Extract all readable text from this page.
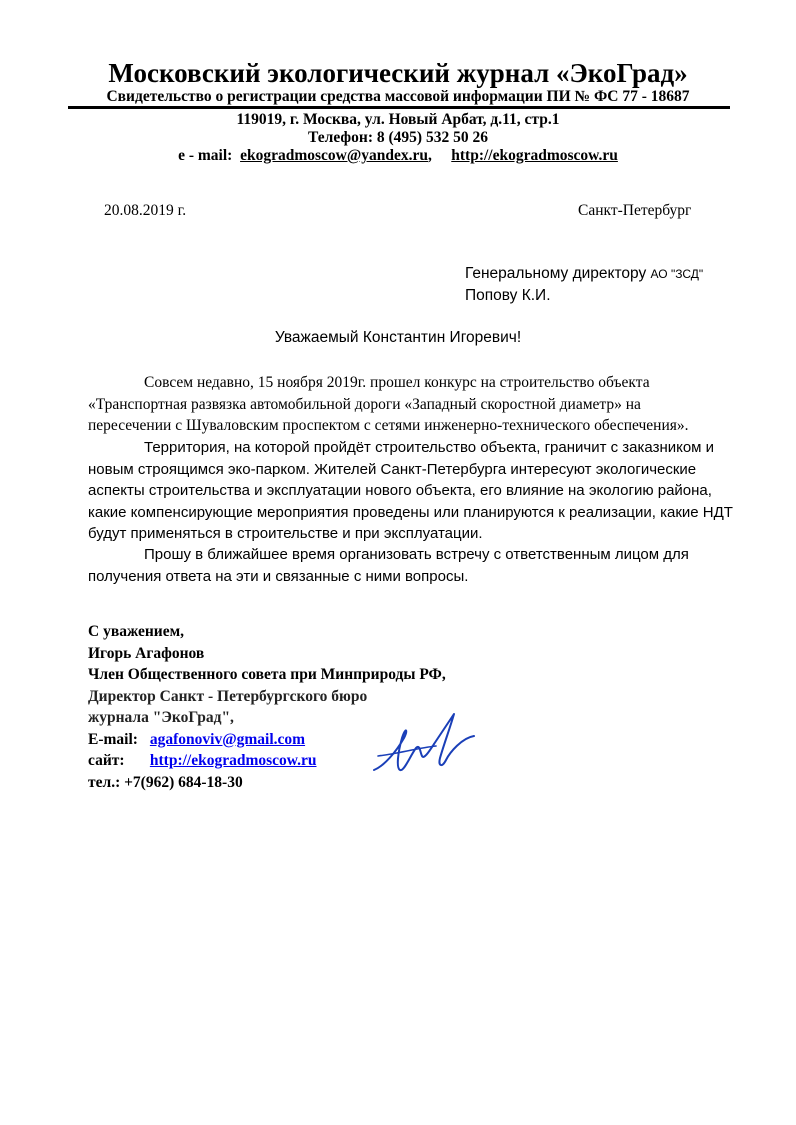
Московский экологический журнал «ЭкоГрад»
Свидетельство о регистрации средства массовой информации ПИ № ФС 77 - 18687
119019, г. Москва, ул. Новый Арбат, д.11, стр.1
Телефон: 8 (495) 532 50 26
e - mail: ekogradmoscow@yandex.ru, http://ekogradmoscow.ru
20.08.2019 г.	Санкт-Петербург
Генеральному директору АО "ЗСД"
Попову К.И.
Уважаемый Константин Игоревич!
Совсем недавно, 15 ноября 2019г. прошел конкурс на строительство объекта
«Транспортная развязка автомобильной дороги «Западный скоростной диаметр» на
пересечении с Шуваловским проспектом с сетями инженерно-технического обеспечения».
Территория, на которой пройдёт строительство объекта, граничит с заказником и
новым строящимся эко-парком. Жителей Санкт-Петербурга интересуют экологические
аспекты строительства и эксплуатации нового объекта, его влияние на экологию района,
какие компенсирующие мероприятия проведены или планируются к реализации, какие НДТ
будут применяться в строительстве и при эксплуатации.
Прошу в ближайшее время организовать встречу с ответственным лицом для
получения ответа на эти и связанные с ними вопросы.
С уважением,
Игорь Агафонов
Член Общественного совета при Минприроды РФ,
Директор Санкт - Петербургского бюро
журнала "ЭкоГрад",
E-mail: agafonoviv@gmail.com
сайт: http://ekogradmoscow.ru
тел.: +7(962) 684-18-30
